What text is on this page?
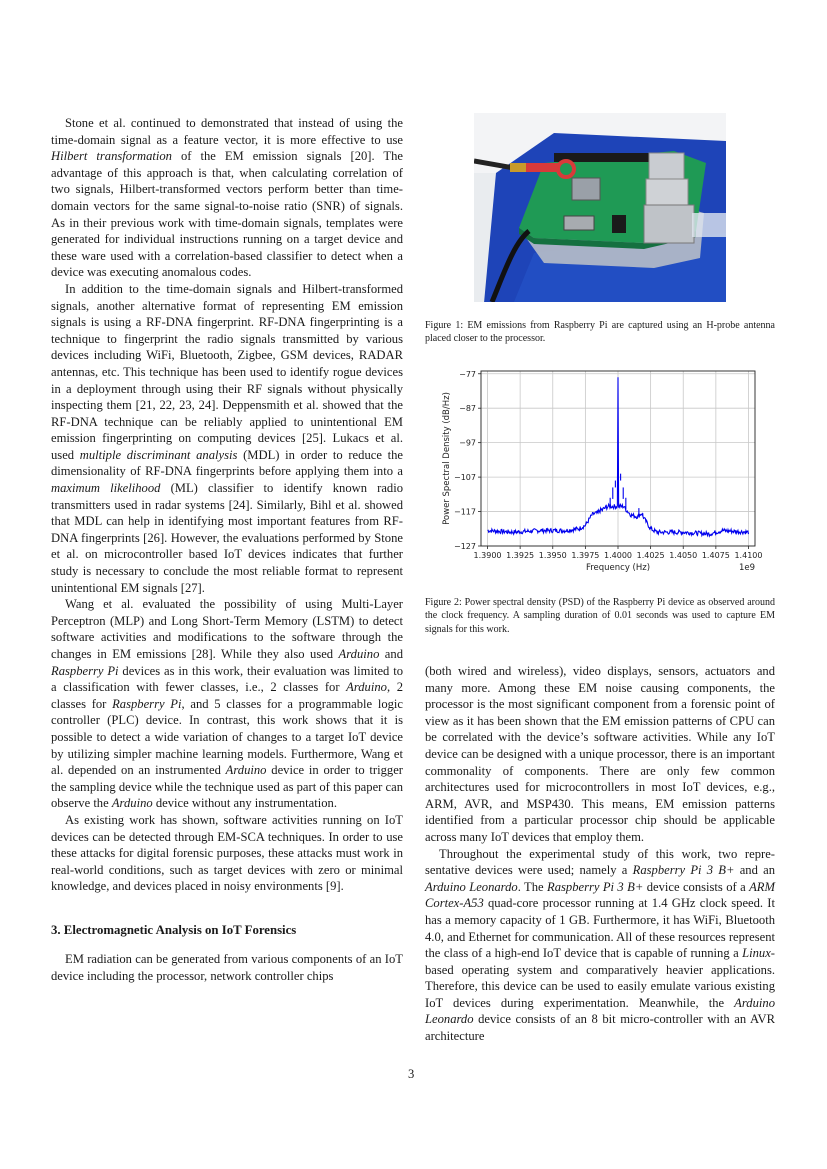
Stone et al. continued to demonstrated that instead of using the time-domain signal as a feature vector, it is more effective to use Hilbert transformation of the EM emission signals [20]. The advantage of this approach is that, when calculating correlation of two signals, Hilbert-transformed vectors perform better than time-domain vectors for the same signal-to-noise ratio (SNR) of signals. As in their previous work with time-domain signals, templates were generated for individual instructions running on a target device and these ware used with a correlation-based classifier to detect when a device was executing anomalous codes.

In addition to the time-domain signals and Hilbert-transformed signals, another alternative format of representing EM emission signals is using a RF-DNA fingerprint. RF-DNA fingerprinting is a technique to fingerprint the radio signals transmitted by various devices including WiFi, Bluetooth, Zigbee, GSM devices, RADAR antennas, etc. This technique has been used to identify rogue devices in a deployment through using their RF signals without physically inspecting them [21, 22, 23, 24]. Deppensmith et al. showed that the RF-DNA technique can be reliably applied to unintentional EM emission fingerprinting on computing devices [25]. Lukacs et al. used multiple discriminant analysis (MDL) in order to reduce the dimensionality of RF-DNA fingerprints before applying them into a maximum likelihood (ML) classifier to identify known radio transmitters used in radar systems [24]. Similarly, Bihl et al. showed that MDL can help in identifying most important features from RF-DNA fingerprints [26]. However, the evaluations performed by Stone et al. on microcontroller based IoT devices indicates that further study is necessary to conclude the most reliable format to represent unintentional EM signals [27].

Wang et al. evaluated the possibility of using Multi-Layer Perceptron (MLP) and Long Short-Term Memory (LSTM) to detect software activities and modifications to the software through the changes in EM emissions [28]. While they also used Arduino and Raspberry Pi devices as in this work, their evaluation was limited to a classification with fewer classes, i.e., 2 classes for Arduino, 2 classes for Raspberry Pi, and 5 classes for a programmable logic controller (PLC) device. In contrast, this work shows that it is possible to detect a wide variation of changes to a target IoT device by utilizing simpler machine learning models. Furthermore, Wang et al. depended on an instrumented Arduino device in order to trigger the sampling device while the technique used as part of this paper can observe the Arduino device without any instrumentation.

As existing work has shown, software activities running on IoT devices can be detected through EM-SCA techniques. In order to use these attacks for digital forensic purposes, these attacks must work in real-world conditions, such as target devices with zero or minimal knowledge, and devices placed in noisy environments [9].

3. Electromagnetic Analysis on IoT Forensics

EM radiation can be generated from various components of an IoT device including the processor, network controller chips

Figure 1: EM emissions from Raspberry Pi are captured using an H-probe antenna placed closer to the processor.
1.3900 1.3925 1.3950 1.3975 1.4000 1.4025 1.4050 1.4075 1.4100
−77
−87
−97
−107
−117
−127
Frequency (Hz)	1e9
Power Spectral Density (dB/Hz)
Figure 2: Power spectral density (PSD) of the Raspberry Pi device as observed around the clock frequency. A sampling duration of 0.01 seconds was used to capture EM signals for this work.

(both wired and wireless), video displays, sensors, actuators and many more. Among these EM noise causing components, the processor is the most significant component from a forensic point of view as it has been shown that the EM emission patterns of CPU can be correlated with the device’s software activities. While any IoT device can be designed with a unique processor, there is an important commonality of components. There are only few common architectures used for microcontrollers in most IoT devices, e.g., ARM, AVR, and MSP430. This means, EM emission patterns identified from a particular processor chip should be applicable across many IoT devices that employ them.

Throughout the experimental study of this work, two representative devices were used; namely a Raspberry Pi 3 B+ and an Arduino Leonardo. The Raspberry Pi 3 B+ device consists of a ARM Cortex-A53 quad-core processor running at 1.4 GHz clock speed. It has a memory capacity of 1 GB. Furthermore, it has WiFi, Bluetooth 4.0, and Ethernet for communication. All of these resources represent the class of a high-end IoT device that is capable of running a Linux-based operating system and comparatively heavier applications. Therefore, this device can be used to easily emulate various existing IoT devices during experimentation. Meanwhile, the Arduino Leonardo device consists of an 8 bit micro-controller with an AVR architecture

3
